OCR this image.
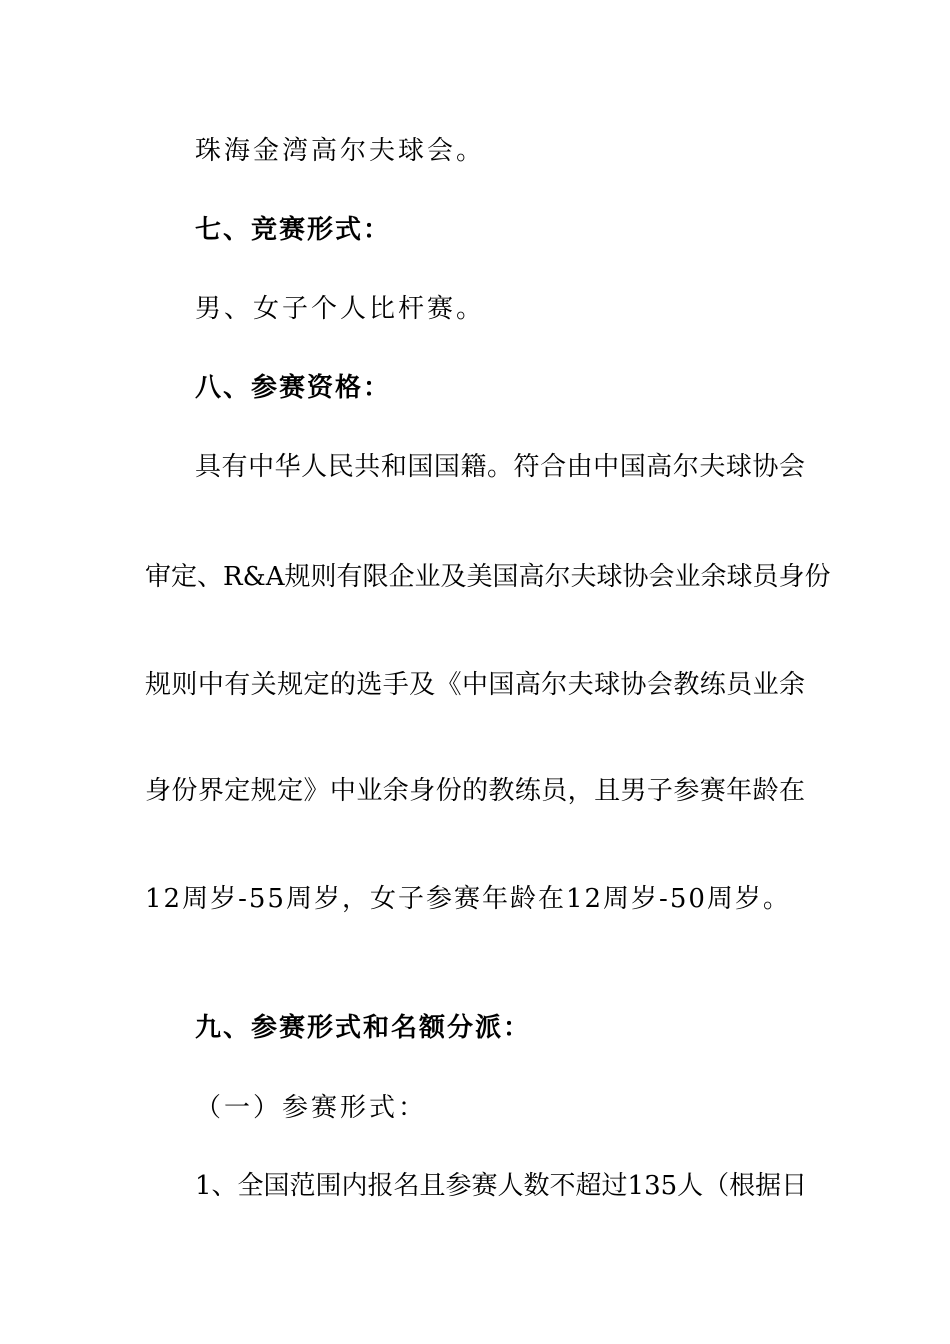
珠海金湾高尔夫球会。
七、竞赛形式：
男、女子个人比杆赛。
八、参赛资格：
具有中华人民共和国国籍。符合由中国高尔夫球协会
审定、R&A规则有限企业及美国高尔夫球协会业余球员身份
规则中有关规定的选手及《中国高尔夫球协会教练员业余
身份界定规定》中业余身份的教练员，且男子参赛年龄在
12周岁-55周岁，女子参赛年龄在12周岁-50周岁。
九、参赛形式和名额分派：
（一）参赛形式：
1、全国范围内报名且参赛人数不超过135人（根据日
